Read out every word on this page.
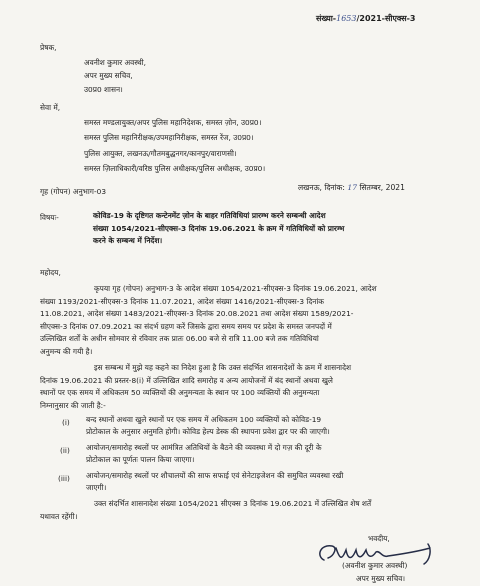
संख्या-1653/2021-सीएक्स-3
प्रेषक,
अवनीश कुमार अवस्थी,
अपर मुख्य सचिव,
उ0प्र0 शासन।
सेवा में,
समस्त मण्डलायुक्त/अपर पुलिस महानिदेशक, समस्त ज़ोन, उ0प्र0।
समस्त पुलिस महानिरीक्षक/उपमहानिरीक्षक, समस्त रेंज, उ0प्र0।
पुलिस आयुक्त, लखनऊ/गौतमबुद्धनगर/कानपुर/वाराणसी।
समस्त ज़िलाधिकारी/वरिष्ठ पुलिस अधीक्षक/पुलिस अधीक्षक, उ0प्र0।
गृह (गोपन) अनुभाग-03	लखनऊ, दिनांक: 17 सितम्बर, 2021
विषयः-	कोविड-19 के दृष्टिगत कन्टेनमेंट ज़ोन के बाहर गतिविधियां प्रारम्भ करने सम्बन्धी आदेश
संख्या 1054/2021-सीएक्स-3 दिनांक 19.06.2021 के क्रम में गतिविधियों को प्रारम्भ
करने के सम्बन्ध में निर्देश।
महोदय,
कृपया गृह (गोपन) अनुभाग-3 के आदेश संख्या 1054/2021-सीएक्स-3 दिनांक 19.06.2021, आदेश
संख्या 1193/2021-सीएक्स-3 दिनांक 11.07.2021, आदेश संख्या 1416/2021-सीएक्स-3 दिनांक
11.08.2021, आदेश संख्या 1483/2021-सीएक्स-3 दिनांक 20.08.2021 तथा आदेश संख्या 1589/2021-
सीएक्स-3 दिनांक 07.09.2021 का संदर्भ ग्रहण करें जिसके द्वारा समय समय पर प्रदेश के समस्त जनपदों में
उल्लिखित शर्तों के अधीन सोमवार से रविवार तक प्रातः 06.00 बजे से रात्रि 11.00 बजे तक गतिविधियां
अनुमन्य की गयी है।
इस सम्बन्ध में मुझे यह कहने का निदेश हुआ है कि उक्त संदर्भित शासनादेशों के क्रम में शासनादेश
दिनांक 19.06.2021 की प्रस्तर-8(i) में उल्लिखित शादि समारोह व अन्य आयोजनों में बंद स्थानों अथवा खुले
स्थानों पर एक समय में अधिकतम 50 व्यक्तियों की अनुमन्यता के स्थान पर 100 व्यक्तियों की अनुमन्यता
निम्नानुसार की जाती है:-
(i) बन्द स्थानों अथवा खुले स्थानों पर एक समय में अधिकतम 100 व्यक्तियों को कोविड-19
प्रोटोकाल के अनुसार अनुमति होगी। कोविड हेल्प डेस्क की स्थापना प्रवेश द्वार पर की जाएगी।
(ii) आयोजन/समारोह स्थलों पर आमंत्रित अतिथियों के बैठने की व्यवस्था में दो गज़ की दूरी के
प्रोटोकाल का पूर्णतः पालन किया जाएगा।
(iii) आयोजन/समारोह स्थलों पर शौचालयों की साफ सफाई एवं सेनेटाइजेशन की समुचित व्यवस्था रखी
जाएगी।
उक्त संदर्भित शासनादेश संख्या 1054/2021 सीएक्स 3 दिनांक 19.06.2021 में उल्लिखित शेष शर्तें
यथावत रहेंगी।
भवदीय,
(अवनीश कुमार अवस्थी)
अपर मुख्य सचिव।
